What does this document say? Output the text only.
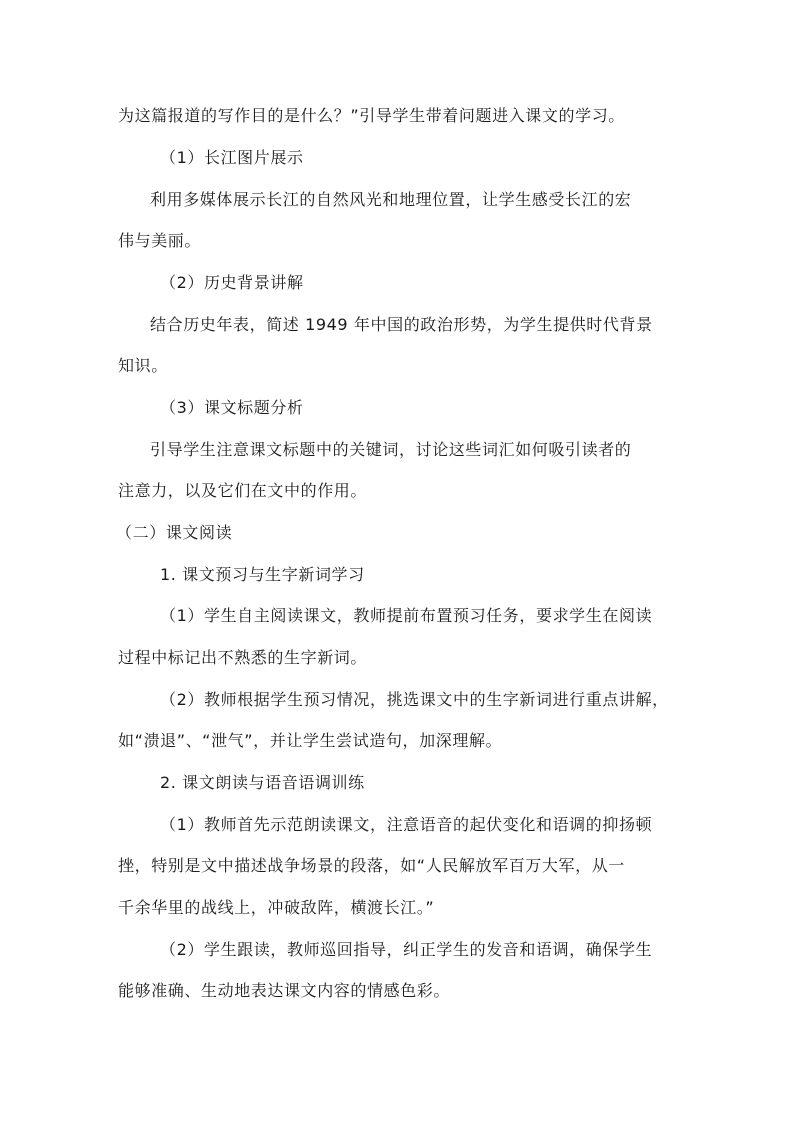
为这篇报道的写作目的是什么？”引导学生带着问题进入课文的学习。
（1）长江图片展示
利用多媒体展示长江的自然风光和地理位置，让学生感受长江的宏
伟与美丽。
（2）历史背景讲解
结合历史年表，简述 1949 年中国的政治形势，为学生提供时代背景
知识。
（3）课文标题分析
引导学生注意课文标题中的关键词，讨论这些词汇如何吸引读者的
注意力，以及它们在文中的作用。
（二）课文阅读
1. 课文预习与生字新词学习
（1）学生自主阅读课文，教师提前布置预习任务，要求学生在阅读
过程中标记出不熟悉的生字新词。
（2）教师根据学生预习情况，挑选课文中的生字新词进行重点讲解，
如“溃退”、“泄气”，并让学生尝试造句，加深理解。
2. 课文朗读与语音语调训练
（1）教师首先示范朗读课文，注意语音的起伏变化和语调的抑扬顿
挫，特别是文中描述战争场景的段落，如“人民解放军百万大军，从一
千余华里的战线上，冲破敌阵，横渡长江。”
（2）学生跟读，教师巡回指导，纠正学生的发音和语调，确保学生
能够准确、生动地表达课文内容的情感色彩。
